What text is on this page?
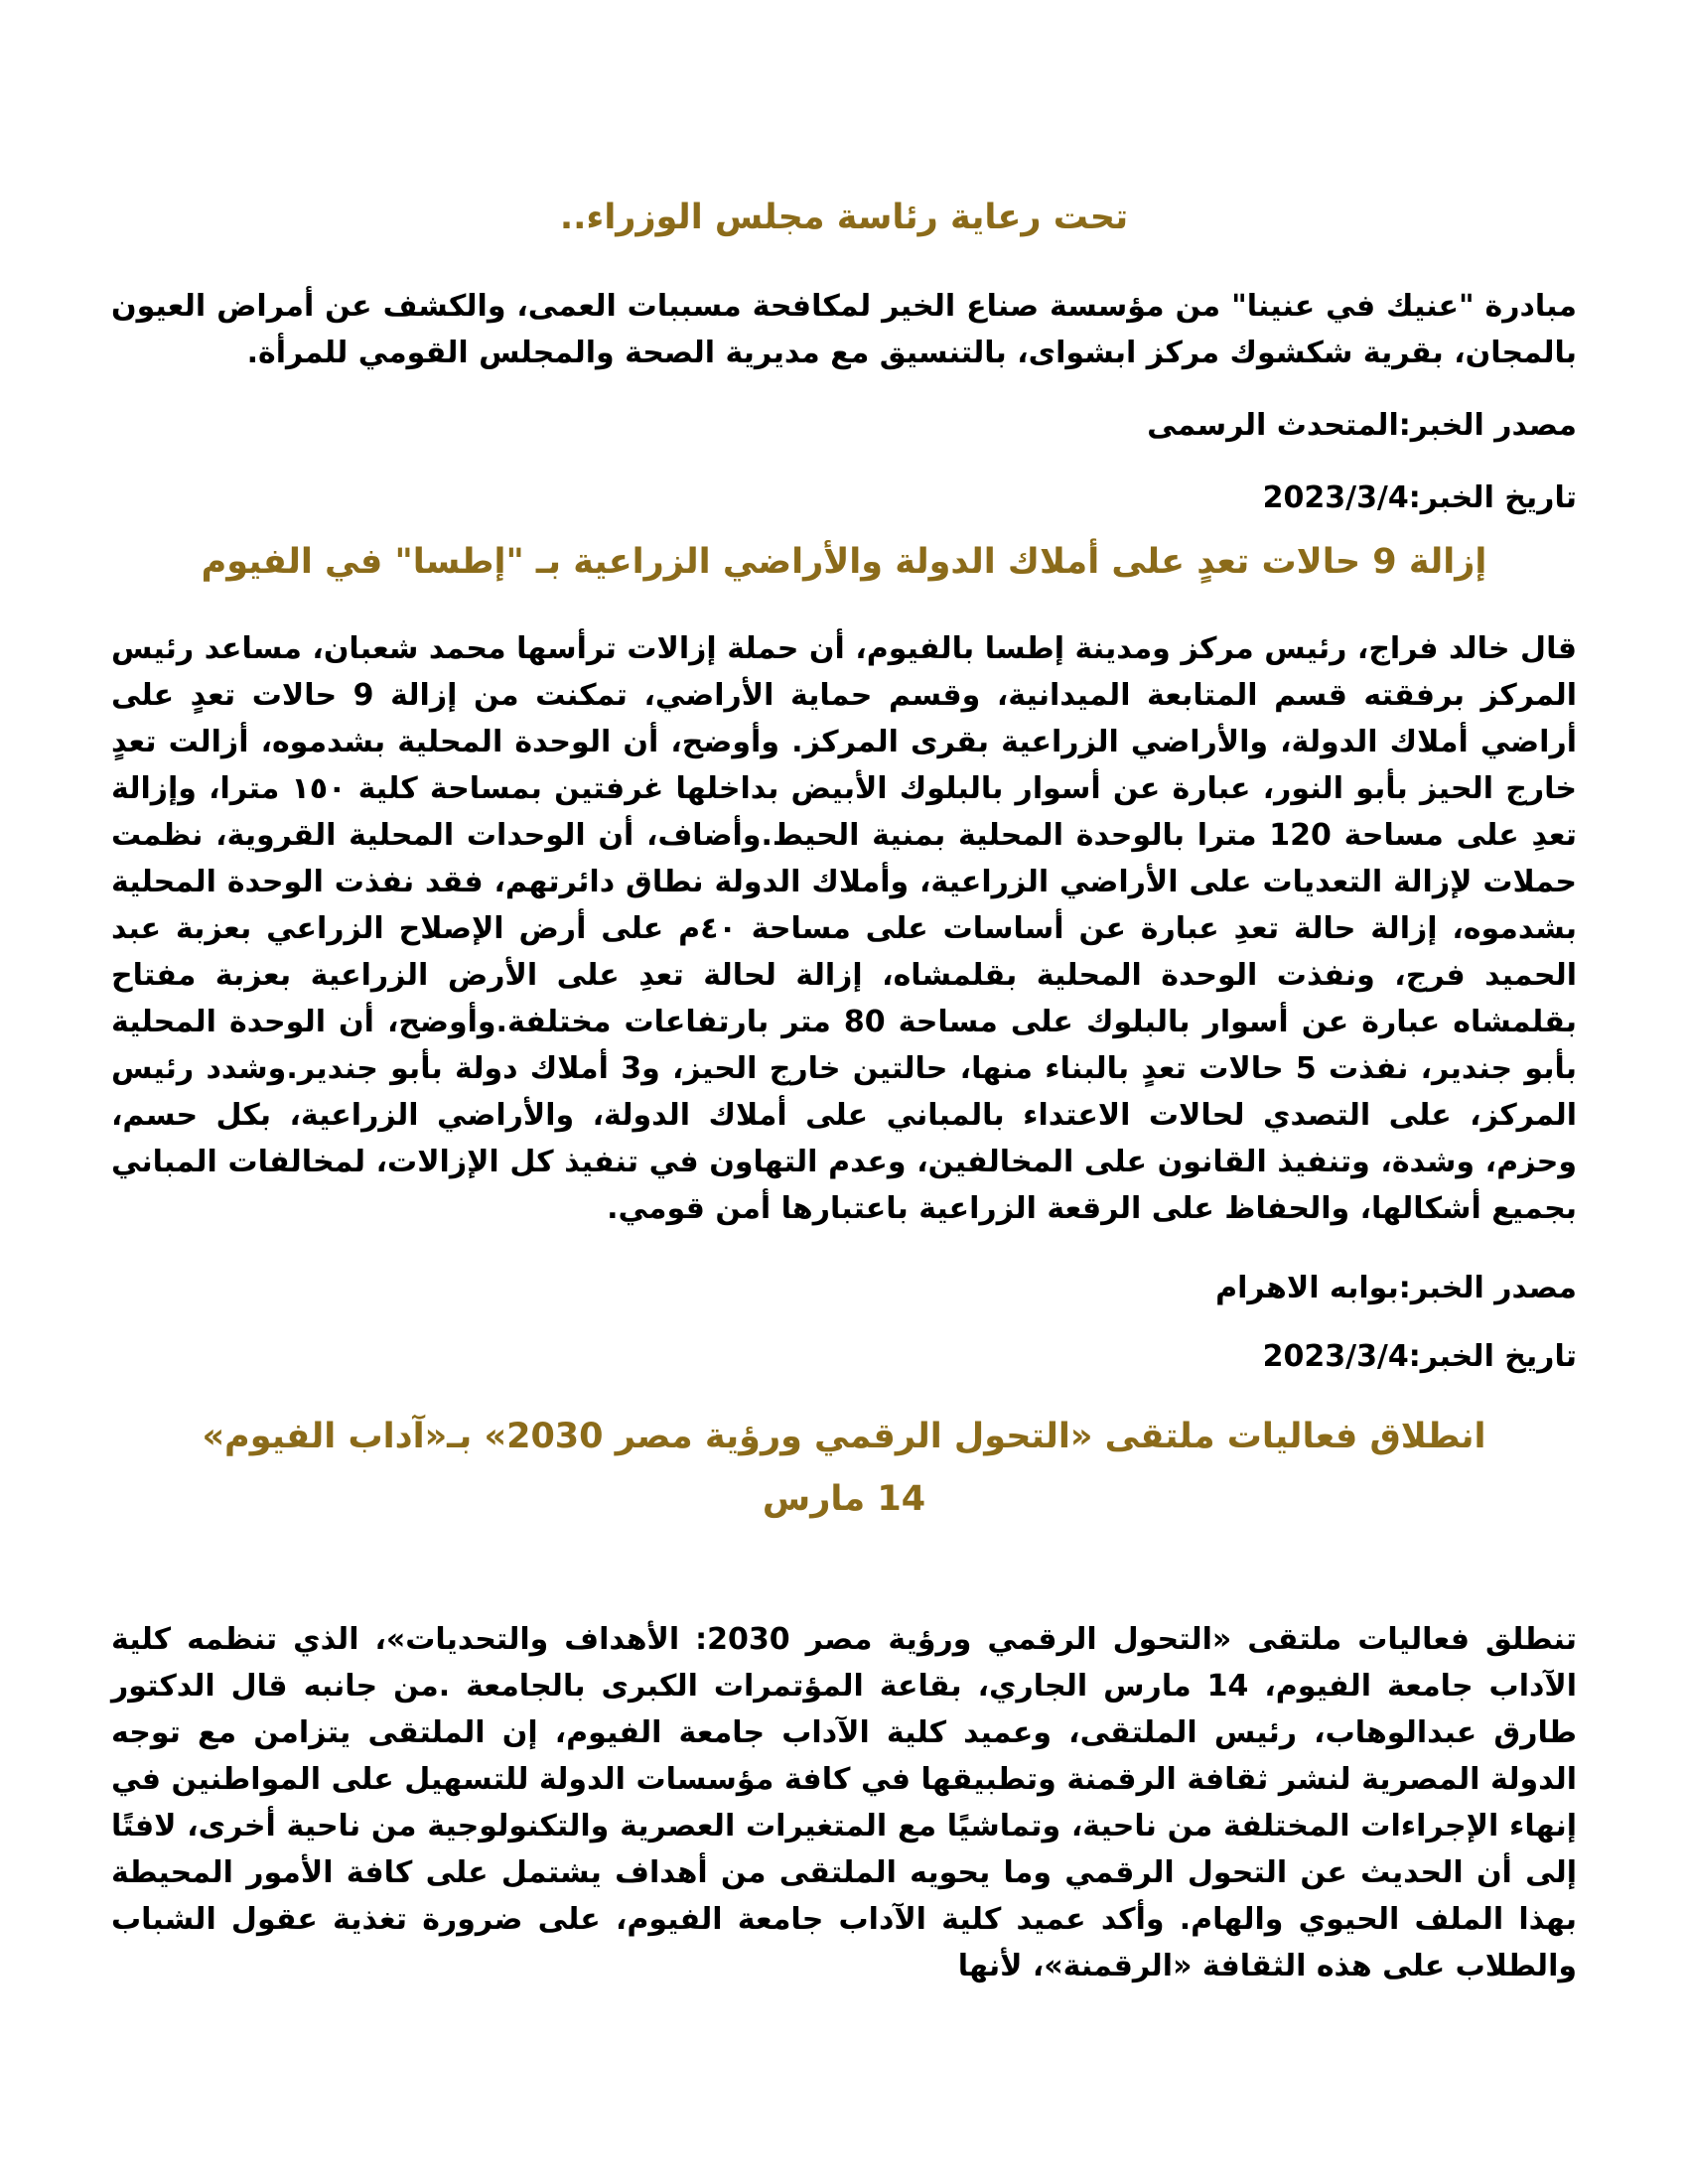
تحت رعاية رئاسة مجلس الوزراء..

مبادرة "عنيك في عنينا" من مؤسسة صناع الخير لمكافحة مسببات العمى، والكشف عن أمراض العيون بالمجان، بقرية شكشوك مركز ابشواى، بالتنسيق مع مديرية الصحة والمجلس القومي للمرأة.

مصدر الخبر:المتحدث الرسمى

تاريخ الخبر:2023/3/4

إزالة 9 حالات تعدٍ على أملاك الدولة والأراضي الزراعية بـ "إطسا" في الفيوم

قال خالد فراج، رئيس مركز ومدينة إطسا بالفيوم، أن حملة إزالات ترأسها محمد شعبان، مساعد رئيس المركز برفقته قسم المتابعة الميدانية، وقسم حماية الأراضي، تمكنت من إزالة 9 حالات تعدٍ على أراضي أملاك الدولة، والأراضي الزراعية بقرى المركز. وأوضح، أن الوحدة المحلية بشدموه، أزالت تعدٍ خارج الحيز بأبو النور، عبارة عن أسوار بالبلوك الأبيض بداخلها غرفتين بمساحة كلية ١٥٠ مترا، وإزالة تعدِ على مساحة 120 مترا بالوحدة المحلية بمنية الحيط.وأضاف، أن الوحدات المحلية القروية، نظمت حملات لإزالة التعديات على الأراضي الزراعية، وأملاك الدولة نطاق دائرتهم، فقد نفذت الوحدة المحلية بشدموه، إزالة حالة تعدِ عبارة عن أساسات على مساحة ٤٠م على أرض الإصلاح الزراعي بعزبة عبد الحميد فرج، ونفذت الوحدة المحلية بقلمشاه، إزالة لحالة تعدِ على الأرض الزراعية بعزبة مفتاح بقلمشاه عبارة عن أسوار بالبلوك على مساحة 80 متر بارتفاعات مختلفة.وأوضح، أن الوحدة المحلية بأبو جندير، نفذت 5 حالات تعدٍ بالبناء منها، حالتين خارج الحيز، و3 أملاك دولة بأبو جندير.وشدد رئيس المركز، على التصدي لحالات الاعتداء بالمباني على أملاك الدولة، والأراضي الزراعية، بكل حسم، وحزم، وشدة، وتنفيذ القانون على المخالفين، وعدم التهاون في تنفيذ كل الإزالات، لمخالفات المباني بجميع أشكالها، والحفاظ على الرقعة الزراعية باعتبارها أمن قومي.

مصدر الخبر:بوابه الاهرام

تاريخ الخبر:2023/3/4

انطلاق فعاليات ملتقى «التحول الرقمي ورؤية مصر 2030» بـ«آداب الفيوم»
14 مارس

تنطلق فعاليات ملتقى «التحول الرقمي ورؤية مصر 2030: الأهداف والتحديات»، الذي تنظمه كلية الآداب جامعة الفيوم، 14 مارس الجاري، بقاعة المؤتمرات الكبرى بالجامعة .من جانبه قال الدكتور طارق عبدالوهاب، رئيس الملتقى، وعميد كلية الآداب جامعة الفيوم، إن الملتقى يتزامن مع توجه الدولة المصرية لنشر ثقافة الرقمنة وتطبيقها في كافة مؤسسات الدولة للتسهيل على المواطنين في إنهاء الإجراءات المختلفة من ناحية، وتماشيًا مع المتغيرات العصرية والتكنولوجية من ناحية أخرى، لافتًا إلى أن الحديث عن التحول الرقمي وما يحويه الملتقى من أهداف يشتمل على كافة الأمور المحيطة بهذا الملف الحيوي والهام. وأكد عميد كلية الآداب جامعة الفيوم، على ضرورة تغذية عقول الشباب والطلاب على هذه الثقافة «الرقمنة»، لأنها
